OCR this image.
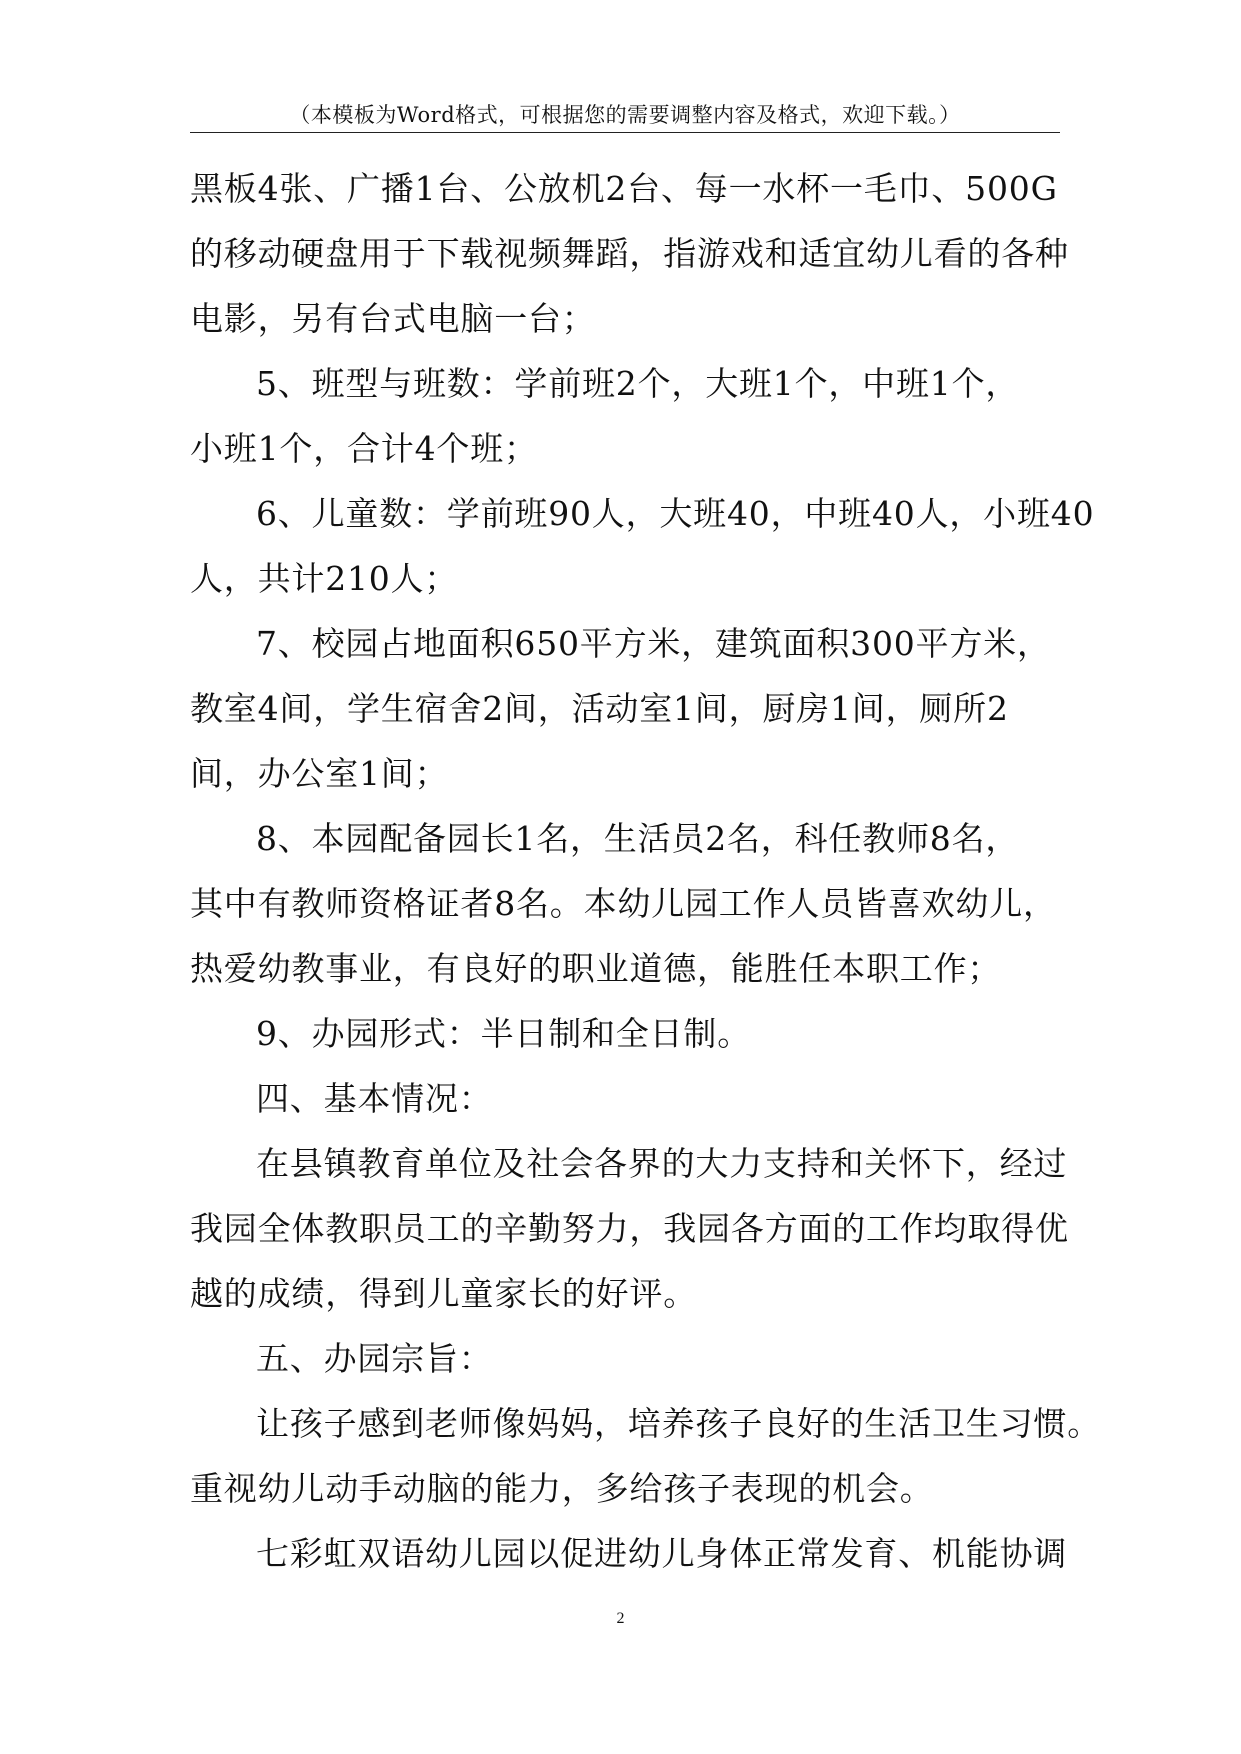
（本模板为Word格式，可根据您的需要调整内容及格式，欢迎下载。）
黑板4张、广播1台、公放机2台、每一水杯一毛巾、500G
的移动硬盘用于下载视频舞蹈，指游戏和适宜幼儿看的各种
电影，另有台式电脑一台；
5、班型与班数：学前班2个，大班1个，中班1个，
小班1个，合计4个班；
6、儿童数：学前班90人，大班40，中班40人，小班40
人，共计210人；
7、校园占地面积650平方米，建筑面积300平方米，
教室4间，学生宿舍2间，活动室1间，厨房1间，厕所2
间，办公室1间；
8、本园配备园长1名，生活员2名，科任教师8名，
其中有教师资格证者8名。本幼儿园工作人员皆喜欢幼儿，
热爱幼教事业，有良好的职业道德，能胜任本职工作；
9、办园形式：半日制和全日制。
四、基本情况：
在县镇教育单位及社会各界的大力支持和关怀下，经过
我园全体教职员工的辛勤努力，我园各方面的工作均取得优
越的成绩，得到儿童家长的好评。
五、办园宗旨：
让孩子感到老师像妈妈，培养孩子良好的生活卫生习惯。
重视幼儿动手动脑的能力，多给孩子表现的机会。
七彩虹双语幼儿园以促进幼儿身体正常发育、机能协调
2
